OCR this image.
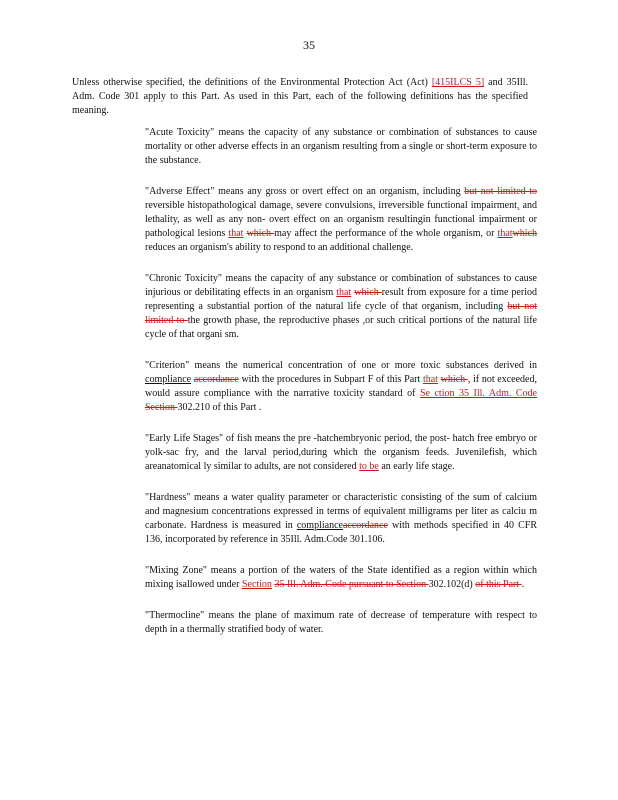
35

Unless otherwise specified, the definitions of the Environmental Protection Act (Act) [415ILCS 5] and 35Ill. Adm. Code 301 apply to this Part. As used in this Part, each of the following definitions has the specified meaning.

"Acute Toxicity" means the capacity of any substance or combination of substances to cause mortality or other adverse effects in an organism resulting from a single or short-term exposure to the substance.

"Adverse Effect" means any gross or overt effect on an organism, including but not limited to reversible histopathological damage, severe convulsions, irreversible functional impairment, and lethality, as well as any non- overt effect on an organism resultingin functional impairment or pathological lesions that which may affect the performance of the whole organism, or thatwhich reduces an organism's ability to respond to an additional challenge.

"Chronic Toxicity" means the capacity of any substance or combination of substances to cause injurious or debilitating effects in an organism that which result from exposure for a time period representing a substantial portion of the natural life cycle of that organism, including but not limited to the growth phase, the reproductive phases ,or such critical portions of the natural life cycle of that organi sm.

"Criterion" means the numerical concentration of one or more toxic substances derived in compliance accordance with the procedures in Subpart F of this Part that which , if not exceeded, would assure compliance with the narrative toxicity standard of Se ction 35 Ill. Adm. Code Section 302.210 of this Part .

"Early Life Stages" of fish means the pre -hatchembryonic period, the post- hatch free embryo or yolk-sac fry, and the larval period,during which the organism feeds. Juvenilefish, which areanatomical ly similar to adults, are not considered to be an early life stage.

"Hardness" means a water quality parameter or characteristic consisting of the sum of calcium and magnesium concentrations expressed in terms of equivalent milligrams per liter as calciu m carbonate. Hardness is measured in complianceaccordance with methods specified in 40 CFR 136, incorporated by reference in 35Ill. Adm.Code 301.106.

"Mixing Zone" means a portion of the waters of the State identified as a region within which mixing isallowed under Section 35 Ill. Adm. Code pursuant to Section 302.102(d) of this Part .

"Thermocline" means the plane of maximum rate of decrease of temperature with respect to depth in a thermally stratified body of water.
